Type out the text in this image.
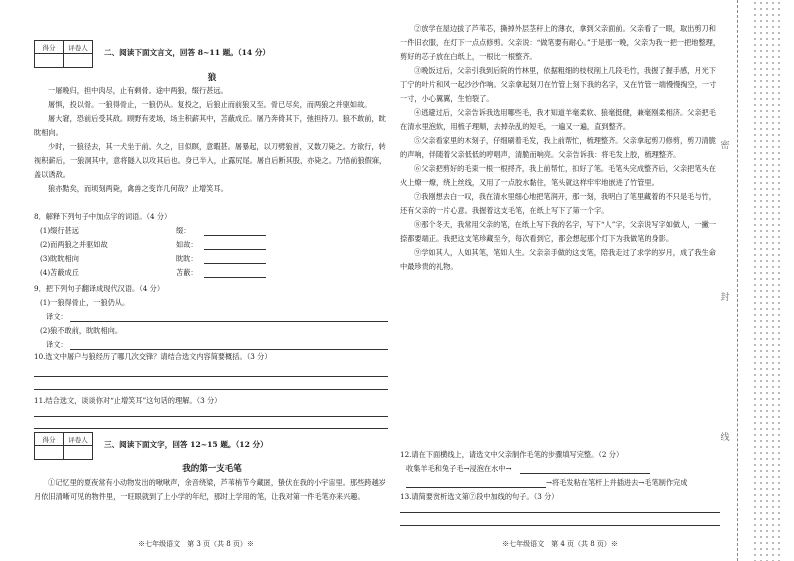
得分	评卷人

二、阅读下面文言文，回答 8~11 题。（14 分）
狼
一屠晚归，担中肉尽，止有剩骨。途中两狼，缀行甚远。
屠惧，投以骨。一狼得骨止，一狼仍从。复投之，后狼止而前狼又至。骨已尽矣，而两狼之并驱如故。
屠大窘，恐前后受其敌。顾野有麦场，场主积薪其中，苫蔽成丘。屠乃奔倚其下，弛担持刀。狼不敢前，眈眈相向。
少时，一狼径去，其一犬坐于前。久之，目似瞑，意暇甚。屠暴起，以刀劈狼首，又数刀毙之。方欲行，转视积薪后，一狼洞其中，意将隧入以攻其后也。身已半入，止露尻尾。屠自后断其股，亦毙之。乃悟前狼假寐，盖以诱敌。
狼亦黠矣，而顷刻两毙，禽兽之变诈几何哉？止增笑耳。
8．解释下列句子中加点字的词语。（4 分）
(1)缀行甚远	缀：
(2)而两狼之并驱如故	如故：
(3)眈眈相向	眈眈：
(4)苫蔽成丘	苫蔽：
9．把下列句子翻译成现代汉语。（4 分）
(1)一狼得骨止，一狼仍从。
译文：
(2)狼不敢前，眈眈相向。
译文：
10.选文中屠户与狼经历了哪几次交锋？请结合选文内容简要概括。（3 分）
11.结合选文，谈谈你对“止增笑耳”这句话的理解。（3 分）
得分	评卷人

三、阅读下面文字，回答 12~15 题。（12 分）
我的第一支毛笔
①记忆里的夏夜常有小动物发出的啾啾声，余音绕梁，芦苇梢节今藏匿，蛰伏在我的小宇宙里。那些跨越岁月依旧清晰可见的物件里，一旺眼就到了上小学的年纪，那时上学用的笔，让我对第一件毛笔亦来兴趣。
※七年级语文　第 3 页（共 8 页）※
②放学在屋边拔了芦苇芯，撕掉外层茎秆上的薄衣，拿到父亲面前。父亲看了一眼，取出剪刀和一件旧衣服，在灯下一点点修剪。父亲说：“做笔要有耐心。”于是那一晚，父亲为我一把一把地整理，剪好的芯子放在白纸上，一根比一根整齐。
③晚饭过后，父亲引我到后院的竹林里，依据粗细的枝杈削上几段毛竹，我握了握手感，月光下丁宁的叶片和风一起沙沙作响。父亲拿起刻刀在竹管上刻下我的名字，又在竹管一端慢慢掏空，一寸一寸，小心翼翼，生怕裂了。
④逃避过后，父亲告诉我选用哪些毛，我才知道羊毫柔软、狼毫挺健，兼毫刚柔相济。父亲把毛在清水里泡软，用梳子理顺，去掉杂乱的短毛，一遍又一遍，直到整齐。
⑤父亲看家里的木刻子，仔细刷着毛发，我上前帮忙，梳理整齐。父亲拿起剪刀修剪，剪刀清脆的声响，伴随着父亲低低的哼唱声，清脆而响亮。父亲告诉我：将毛发上胶，梳理整齐。
⑥父亲把剪好的毛束一根一根捋齐，我上前帮忙，扣好了笔。毛笔头完成整齐后，父亲把笔头在火上燎一燎，绕上丝线，又用了一点胶水黏住，笔头就这样牢牢地嵌进了竹管里。
⑦我刚想去白一叹，我在清水里细心地把笔润开，那一刻，我明白了笔里藏着的不只是毛与竹，还有父亲的一片心意。我握着这支毛笔，在纸上写下了第一个字。
⑧那个冬天，我常用父亲的笔，在纸上写下我的名字，写下“人”字，父亲说写字如做人，一撇一捺都要端正。我把这支笔珍藏至今，每次看到它，都会想起那个灯下为我做笔的身影。
⑨学如其人，人如其笔，笔如人生。父亲亲手做的这支笔，陪我走过了求学的岁月，成了我生命中最珍贵的礼物。
12.请在下面横线上，请选文中父亲制作毛笔的步骤填写完整。（2 分）
收集羊毛和兔子毛→浸泡在水中→
→将毛发粘在笔杆上并插进去→毛笔制作完成
13.请简要赏析选文第⑦段中加线的句子。（3 分）
※七年级语文　第 4 页（共 8 页）※
密
封
线
